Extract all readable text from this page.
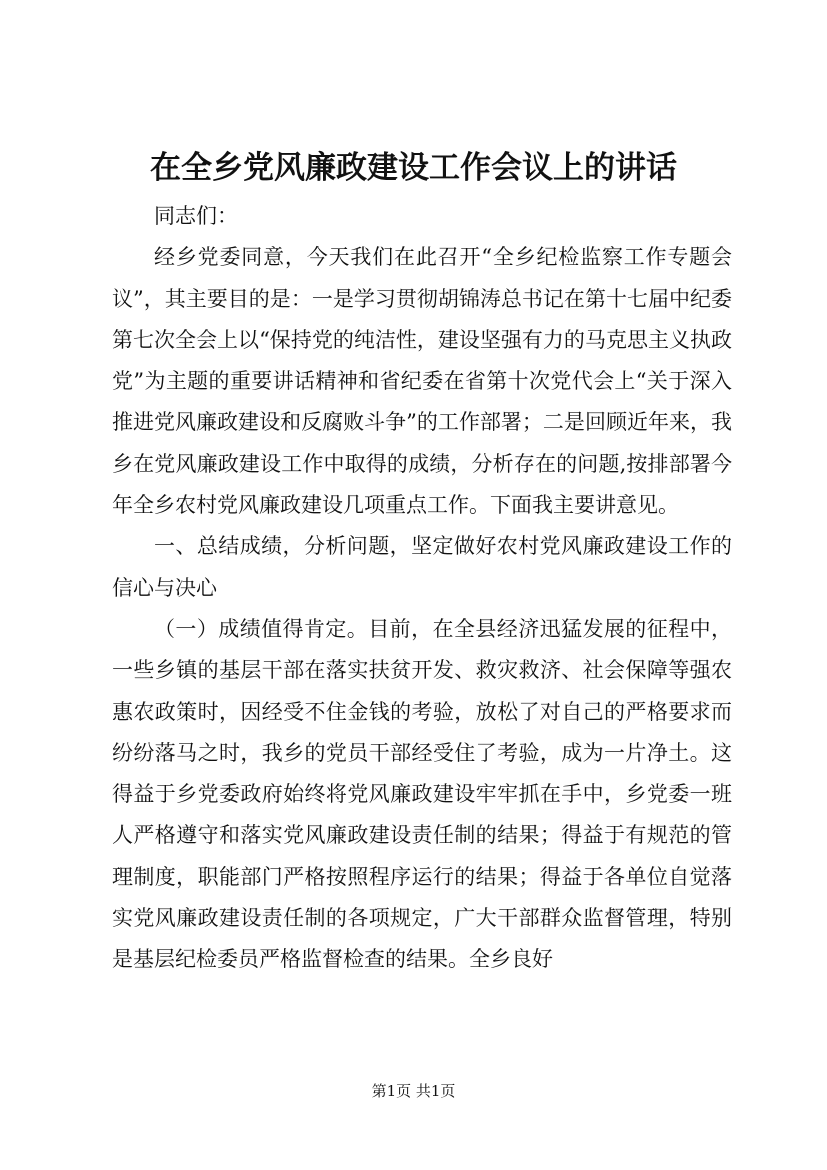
在全乡党风廉政建设工作会议上的讲话

同志们：

经乡党委同意，今天我们在此召开“全乡纪检监察工作专题会议”，其主要目的是：一是学习贯彻胡锦涛总书记在第十七届中纪委第七次全会上以“保持党的纯洁性，建设坚强有力的马克思主义执政党”为主题的重要讲话精神和省纪委在省第十次党代会上“关于深入推进党风廉政建设和反腐败斗争”的工作部署；二是回顾近年来，我乡在党风廉政建设工作中取得的成绩，分析存在的问题,按排部署今年全乡农村党风廉政建设几项重点工作。下面我主要讲意见。

一、总结成绩，分析问题，坚定做好农村党风廉政建设工作的信心与决心

（一）成绩值得肯定。目前，在全县经济迅猛发展的征程中，一些乡镇的基层干部在落实扶贫开发、救灾救济、社会保障等强农惠农政策时，因经受不住金钱的考验，放松了对自己的严格要求而纷纷落马之时，我乡的党员干部经受住了考验，成为一片净土。这得益于乡党委政府始终将党风廉政建设牢牢抓在手中，乡党委一班人严格遵守和落实党风廉政建设责任制的结果；得益于有规范的管理制度，职能部门严格按照程序运行的结果；得益于各单位自觉落实党风廉政建设责任制的各项规定，广大干部群众监督管理，特别是基层纪检委员严格监督检查的结果。全乡良好

第1页 共1页
